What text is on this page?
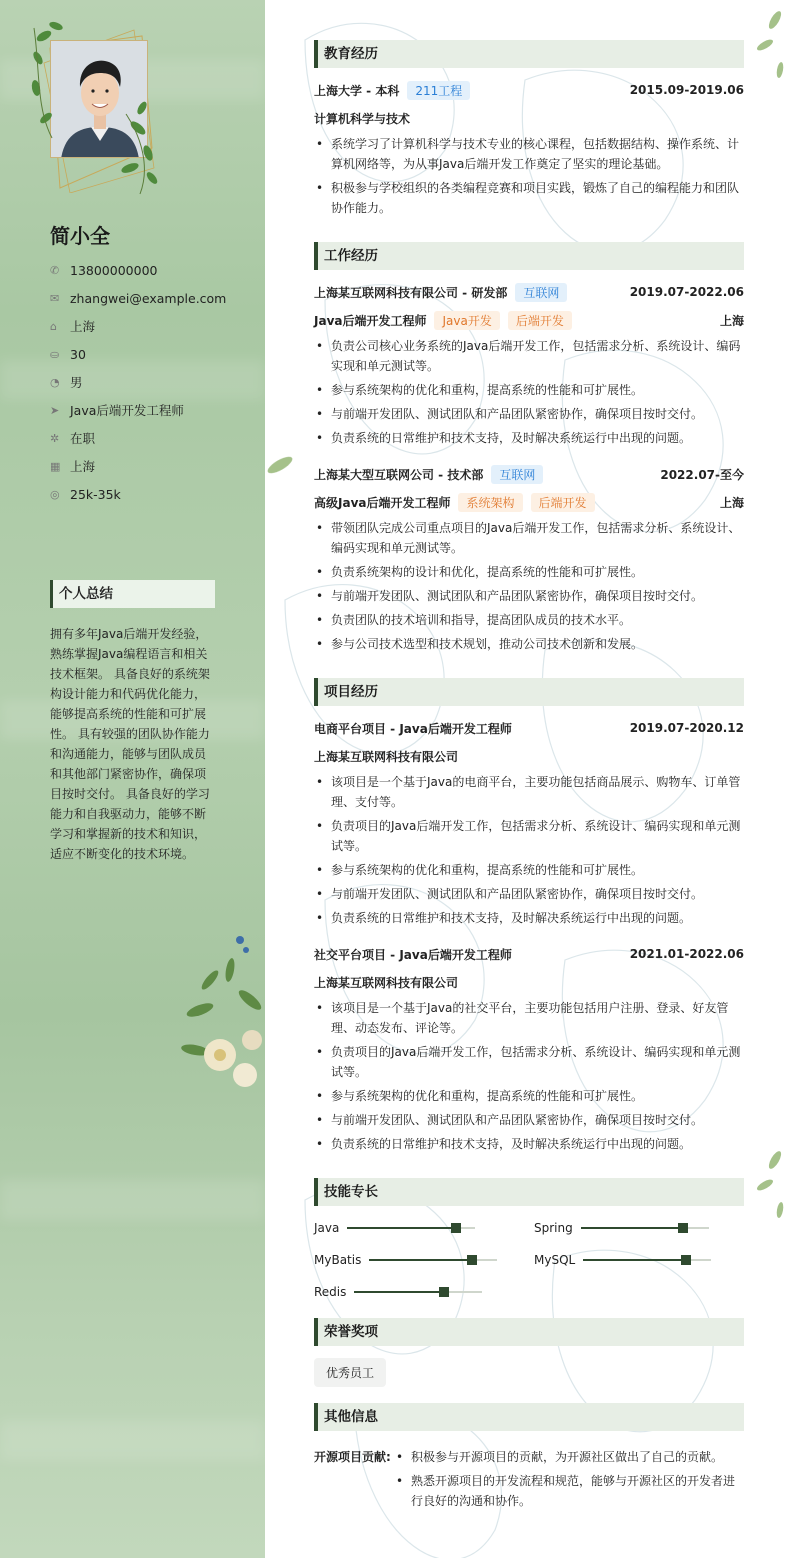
简小全
✆ 13800000000
✉ zhangwei@example.com
⌂	上海
⛀ 30
◔ 男
➤ Java后端开发工程师
✲ 在职
▦ 上海
◎ 25k-35k
个人总结
拥有多年Java后端开发经验，熟练掌握Java编程语言和相关技术框架。 具备良好的系统架构设计能力和代码优化能力，能够提高系统的性能和可扩展性。 具有较强的团队协作能力和沟通能力，能够与团队成员和其他部门紧密协作，确保项目按时交付。 具备良好的学习能力和自我驱动力，能够不断学习和掌握新的技术和知识，适应不断变化的技术环境。
教育经历
上海大学 - 本科	211工程	2015.09-2019.06
计算机科学与技术
• 系统学习了计算机科学与技术专业的核心课程，包括数据结构、操作系统、计算机网络等，为从事Java后端开发工作奠定了坚实的理论基础。
• 积极参与学校组织的各类编程竞赛和项目实践，锻炼了自己的编程能力和团队协作能力。
工作经历
上海某互联网科技有限公司 - 研发部	互联网	2019.07-2022.06
Java后端开发工程师	Java开发	后端开发	上海
• 负责公司核心业务系统的Java后端开发工作，包括需求分析、系统设计、编码实现和单元测试等。
• 参与系统架构的优化和重构，提高系统的性能和可扩展性。
• 与前端开发团队、测试团队和产品团队紧密协作，确保项目按时交付。
• 负责系统的日常维护和技术支持，及时解决系统运行中出现的问题。
上海某大型互联网公司 - 技术部	互联网	2022.07-至今
高级Java后端开发工程师	系统架构	后端开发	上海
• 带领团队完成公司重点项目的Java后端开发工作，包括需求分析、系统设计、编码实现和单元测试等。
• 负责系统架构的设计和优化，提高系统的性能和可扩展性。
• 与前端开发团队、测试团队和产品团队紧密协作，确保项目按时交付。
• 负责团队的技术培训和指导，提高团队成员的技术水平。
• 参与公司技术选型和技术规划，推动公司技术创新和发展。
项目经历
电商平台项目 - Java后端开发工程师	2019.07-2020.12
上海某互联网科技有限公司
• 该项目是一个基于Java的电商平台，主要功能包括商品展示、购物车、订单管理、支付等。
• 负责项目的Java后端开发工作，包括需求分析、系统设计、编码实现和单元测试等。
• 参与系统架构的优化和重构，提高系统的性能和可扩展性。
• 与前端开发团队、测试团队和产品团队紧密协作，确保项目按时交付。
• 负责系统的日常维护和技术支持，及时解决系统运行中出现的问题。
社交平台项目 - Java后端开发工程师	2021.01-2022.06
上海某互联网科技有限公司
• 该项目是一个基于Java的社交平台，主要功能包括用户注册、登录、好友管理、动态发布、评论等。
• 负责项目的Java后端开发工作，包括需求分析、系统设计、编码实现和单元测试等。
• 参与系统架构的优化和重构，提高系统的性能和可扩展性。
• 与前端开发团队、测试团队和产品团队紧密协作，确保项目按时交付。
• 负责系统的日常维护和技术支持，及时解决系统运行中出现的问题。
技能专长
Java	Spring
MyBatis	MySQL
Redis
荣誉奖项
优秀员工
其他信息
开源项目贡献:
•	积极参与开源项目的贡献，为开源社区做出了自己的贡献。
• 熟悉开源项目的开发流程和规范，能够与开源社区的开发者进行良好的沟通和协作。
